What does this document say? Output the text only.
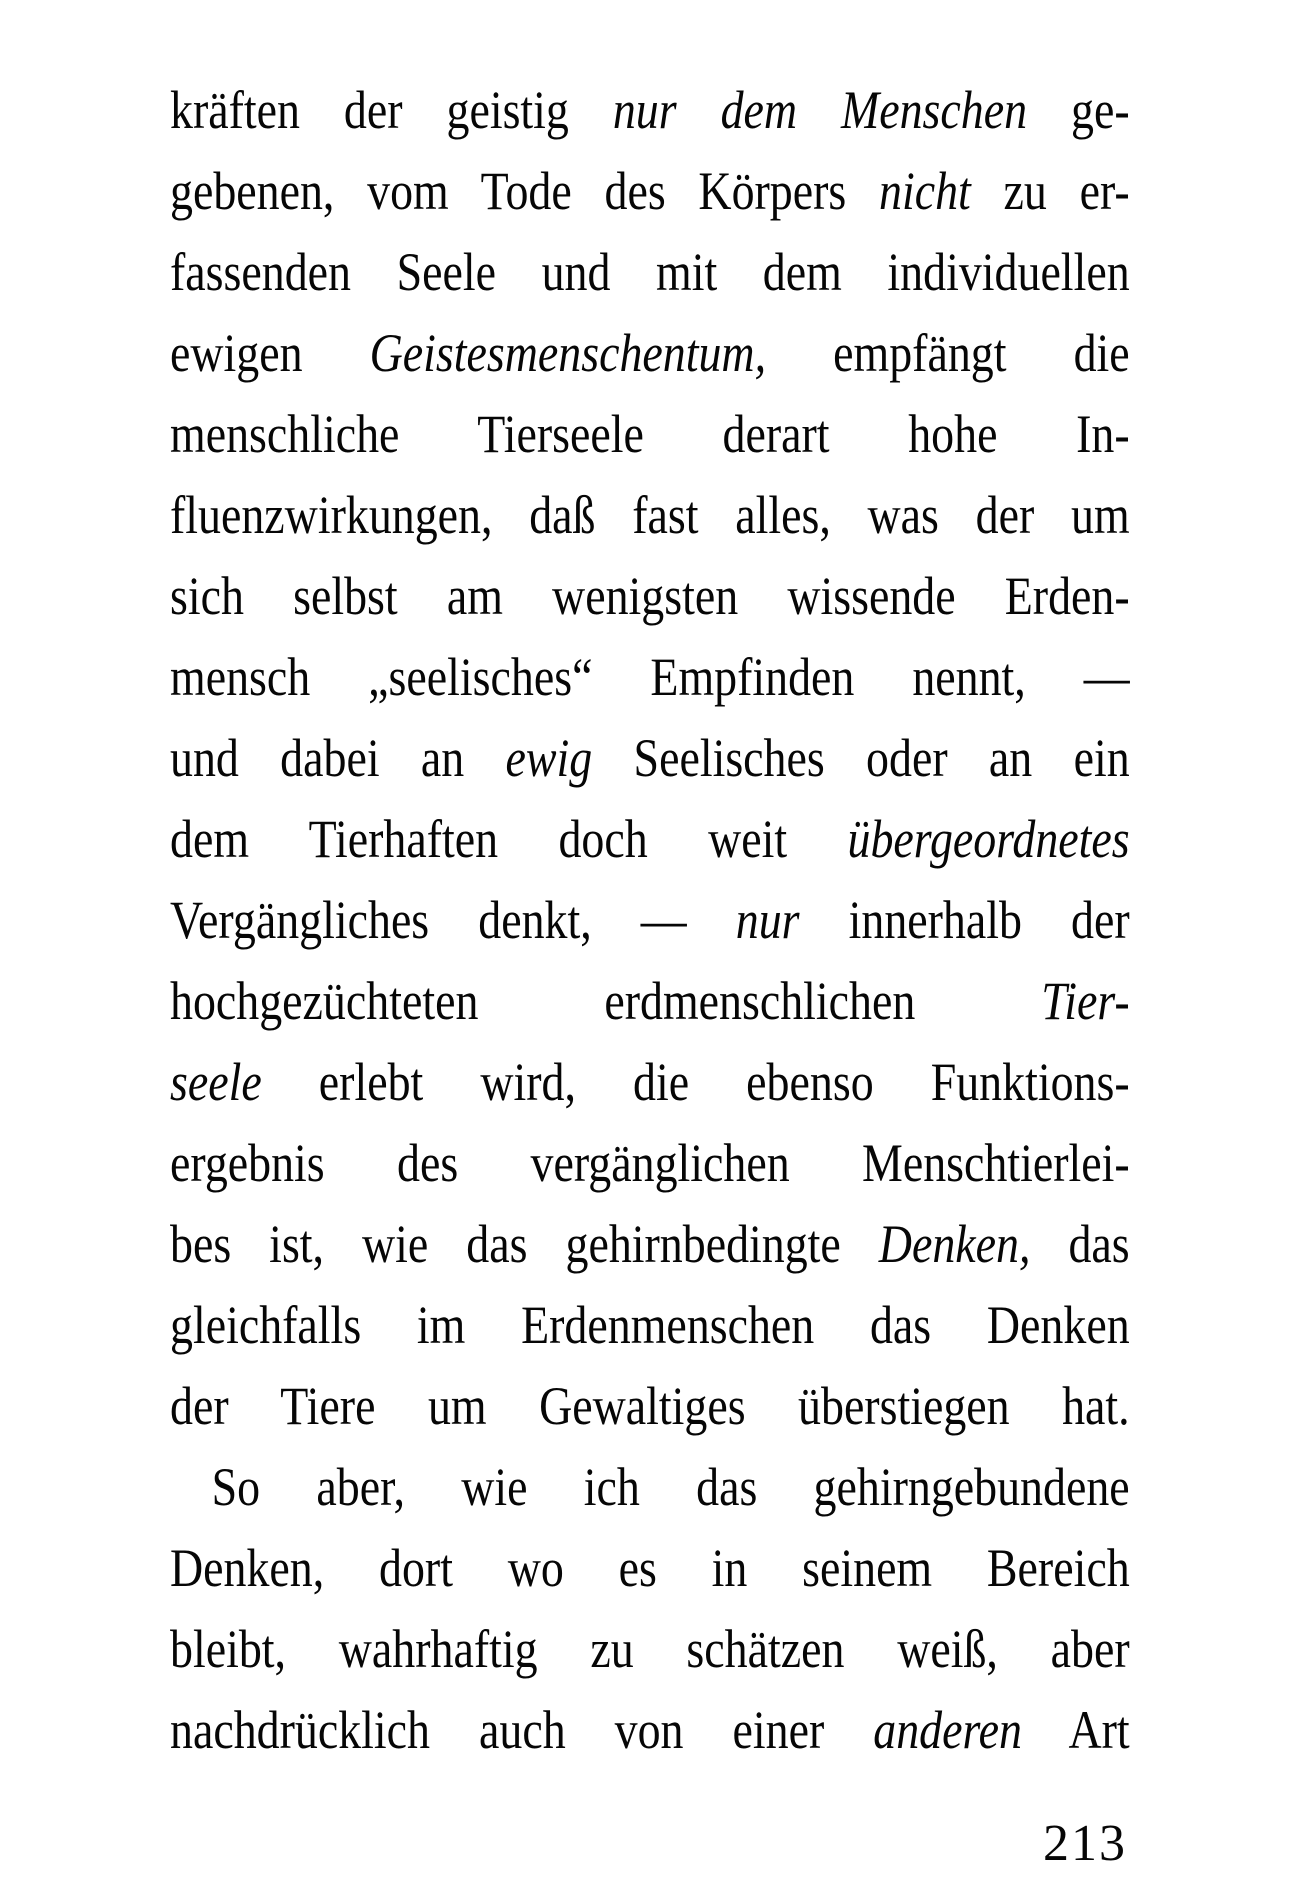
kräften der geistig nur dem Menschen ge-
gebenen, vom Tode des Körpers nicht zu er-
fassenden Seele und mit dem individuellen
ewigen Geistesmenschentum, empfängt die
menschliche Tierseele derart hohe In-
fluenzwirkungen, daß fast alles, was der um
sich selbst am wenigsten wissende Erden-
mensch „seelisches“ Empfinden nennt, —
und dabei an ewig Seelisches oder an ein
dem Tierhaften doch weit übergeordnetes
Vergängliches denkt, — nur innerhalb der
hochgezüchteten erdmenschlichen Tier-
seele erlebt wird, die ebenso Funktions-
ergebnis des vergänglichen Menschtierlei-
bes ist, wie das gehirnbedingte Denken, das
gleichfalls im Erdenmenschen das Denken
der Tiere um Gewaltiges überstiegen hat.
So aber, wie ich das gehirngebundene
Denken, dort wo es in seinem Bereich
bleibt, wahrhaftig zu schätzen weiß, aber
nachdrücklich auch von einer anderen Art
213
